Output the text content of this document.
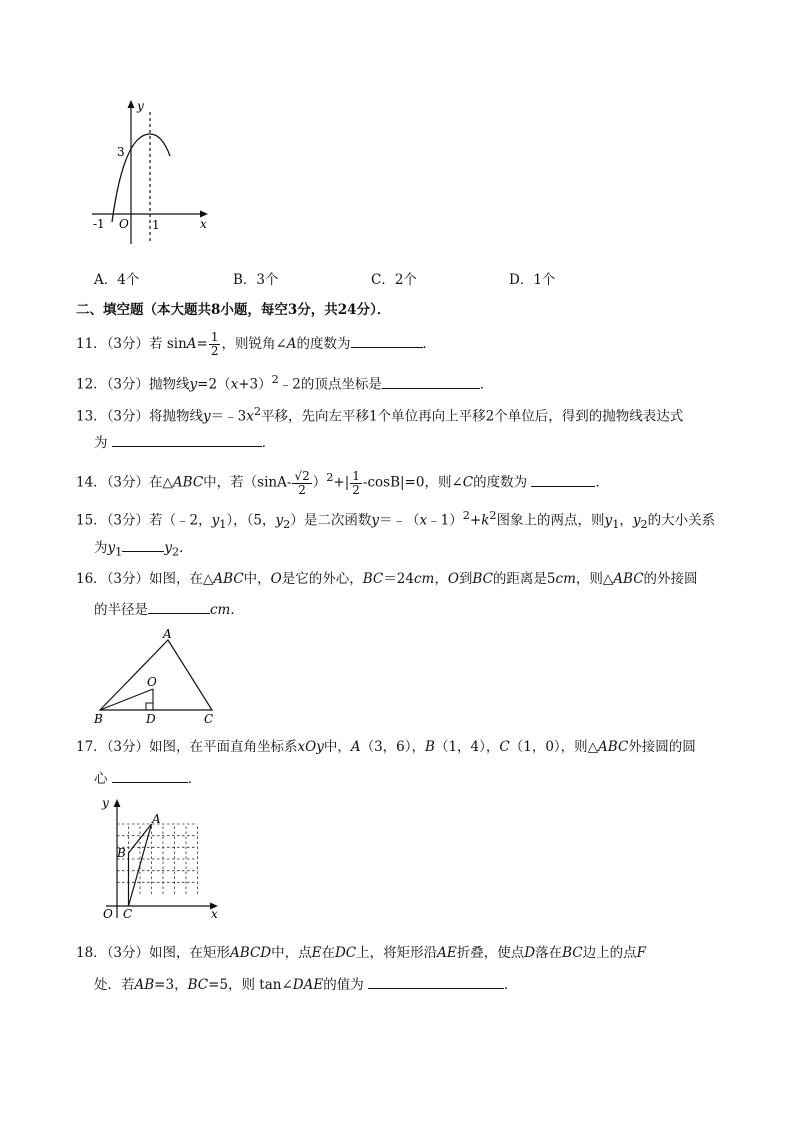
y
x
3
-1 O 1
A．4个	B．3个	C．2个	D．1个
二、填空题（本大题共8小题，每空3分，共24分）．
11．（3分）若 $\sin A= \frac{1}{2}$ ，则锐角∠A的度数为	．
12．（3分）抛物线$y=2(x+3)^2﹣2$的顶点坐标是	．
13．（3分）将抛物线$y=﹣3x^2$平移，先向左平移1个单位再向上平移2个单位后，得到的抛物线表达式
为	．
14．（3分）在△ABC中，若$(\sin A- \frac{√2}{2} )^2+| \frac{1}{2} -\cos B|=0$，则∠C的度数为	．
15．（3分）若（﹣2，$y_1$），（5，$y_2$）是二次函数$y=﹣(x﹣1)^2+k^2$图象上的两点，则$y_1$，$y_2$的大小关系
为$y_1$	$y_2$．
16．（3分）如图，在△ABC中，O是它的外心，BC＝24cm，O到BC的距离是5cm，则△ABC的外接圆
的半径是	cm．
A
O
B	D	C
17．（3分）如图，在平面直角坐标系xOy中，A（3，6），B（1，4），C（1，0），则△ABC外接圆的圆
心	．
y
A
B
O C	x
18．（3分）如图，在矩形ABCD中，点E在DC上，将矩形沿AE折叠，使点D落在BC边上的点F
处．若AB=3，BC=5，则 tan∠DAE的值为	．
